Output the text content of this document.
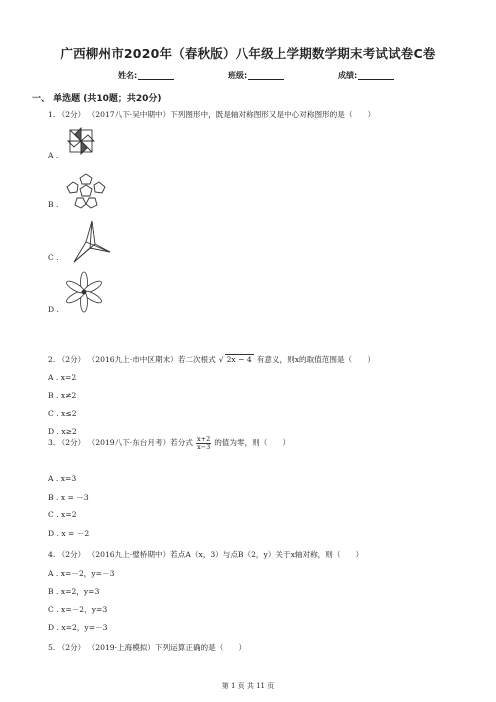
广西柳州市2020年（春秋版）八年级上学期数学期末考试试卷C卷
姓名:	班级:	成绩:
一、 单选题 (共10题；共20分)
1. （2分） （2017八下·吴中期中）下列图形中，既是轴对称图形又是中心对称图形的是（　　）
A .
B .
C .
D .
2. （2分） （2016九上·市中区期末）若二次根式 √ 2x − 4 有意义，则x的取值范围是（　　）
A . x=2
B . x≠2
C . x≤2
D . x≥2
3. （2分） （2019八下·东台月考）若分式 $\frac{x+2}{x-3}$ 的值为零，则（　　）
A . x=3
B . x = －3
C . x=2
D . x = －2
4. （2分） （2016九上·璧桥期中）若点A（x，3）与点B（2，y）关于x轴对称，则（　　）
A . x=－2，y=－3
B . x=2，y=3
C . x=－2，y=3
D . x=2，y=－3
5. （2分） （2019·上海模拟）下列运算正确的是（　　）
第 1 页 共 11 页
